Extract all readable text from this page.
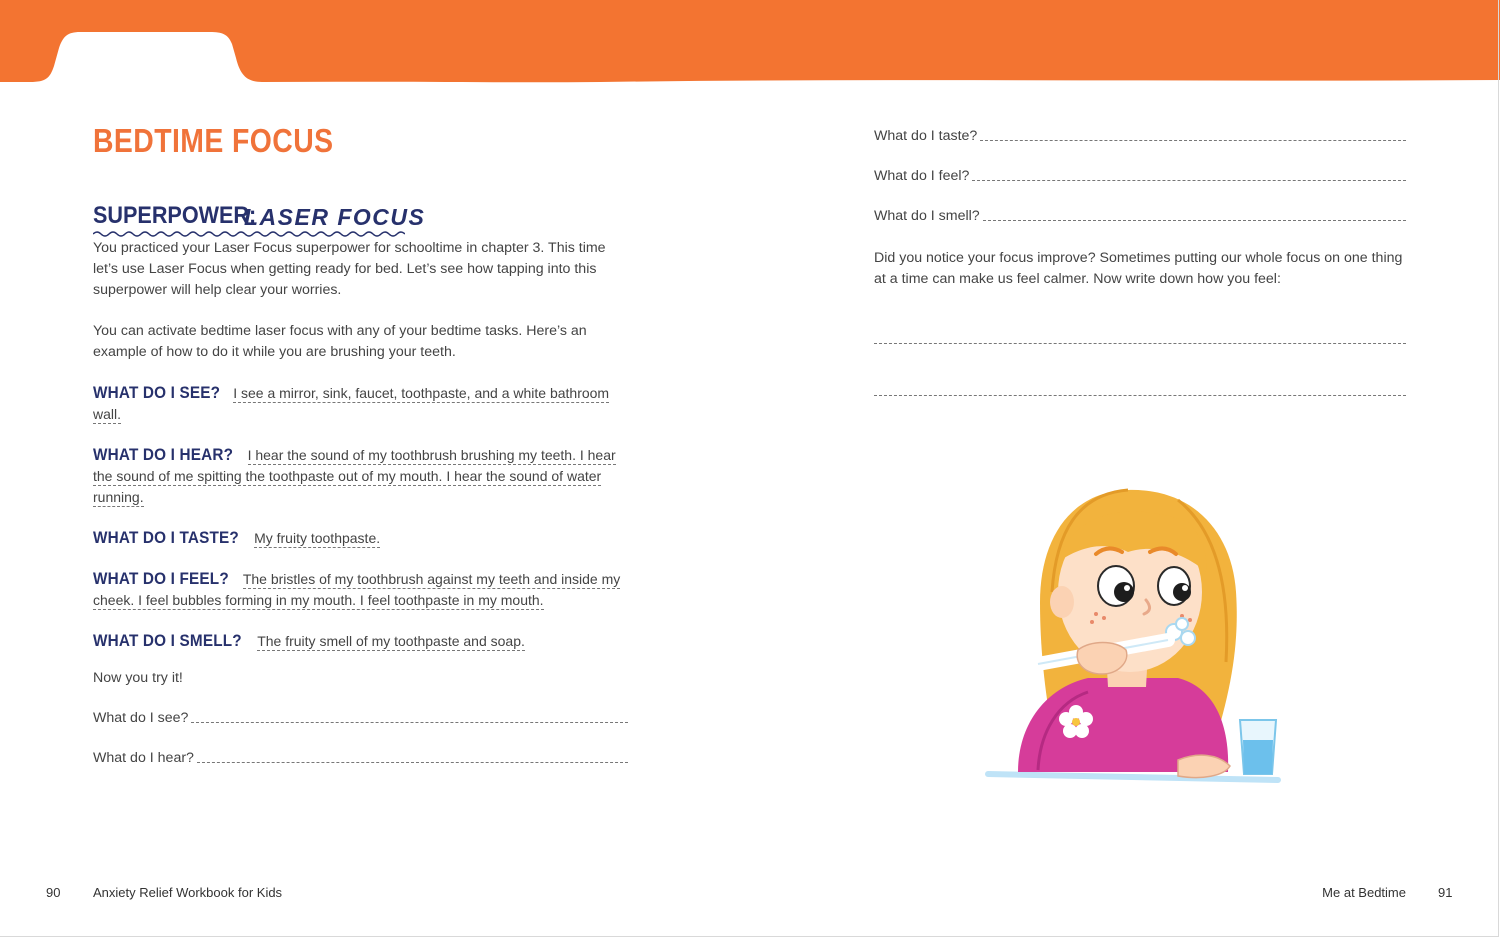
BEDTIME FOCUS
SUPERPOWER:
LASER FOCUS

You practiced your Laser Focus superpower for schooltime in chapter 3. This time let’s use Laser Focus when getting ready for bed. Let’s see how tapping into this superpower will help clear your worries.

You can activate bedtime laser focus with any of your bedtime tasks. Here’s an example of how to do it while you are brushing your teeth.

WHAT DO I SEE? I see a mirror, sink, faucet, toothpaste, and a white bathroom wall.
WHAT DO I HEAR? I hear the sound of my toothbrush brushing my teeth. I hear the sound of me spitting the toothpaste out of my mouth. I hear the sound of water running.
WHAT DO I TASTE? My fruity toothpaste.
WHAT DO I FEEL? The bristles of my toothbrush against my teeth and inside my cheek. I feel bubbles forming in my mouth. I feel toothpaste in my mouth.
WHAT DO I SMELL? The fruity smell of my toothpaste and soap.
Now you try it!
What do I see?
What do I hear?
What do I taste?
What do I feel?
What do I smell?
Did you notice your focus improve? Sometimes putting our whole focus on one thing at a time can make us feel calmer. Now write down how you feel:
90	Anxiety Relief Workbook for Kids	Me at Bedtime 91
